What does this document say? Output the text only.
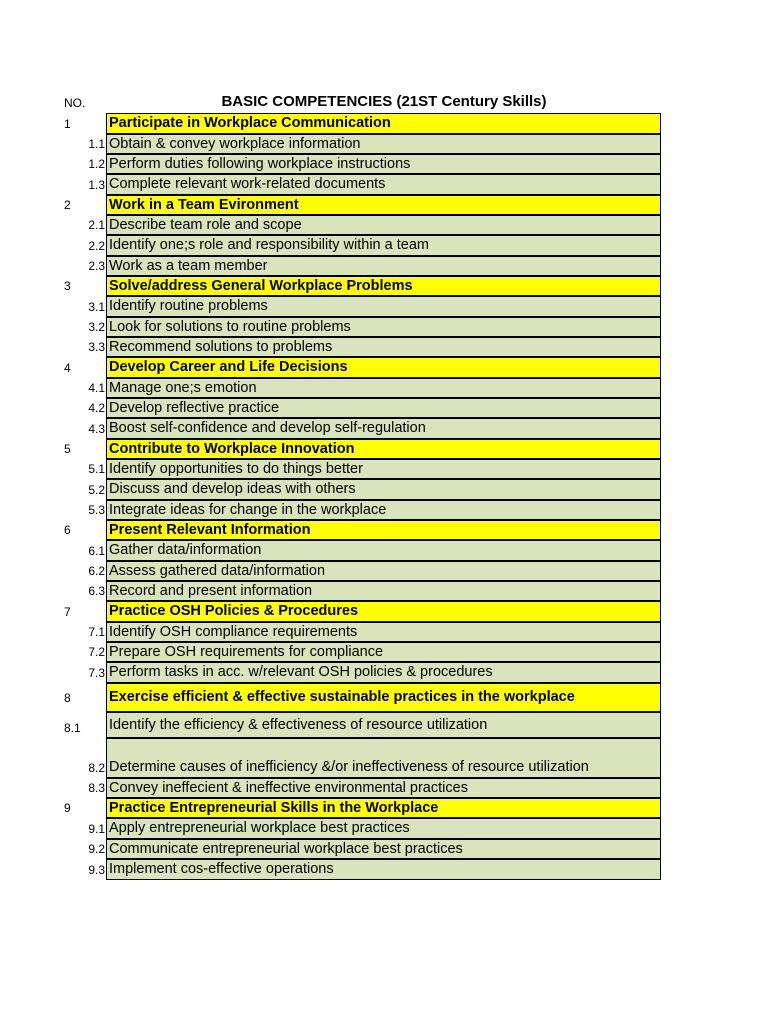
NO.	BASIC COMPETENCIES (21ST Century Skills)
1	Participate in Workplace Communication
1.1 Obtain & convey workplace information
1.2 Perform duties following workplace instructions
1.3 Complete relevant work-related documents
2	Work in a Team Evironment
2.1 Describe team role and scope
2.2 Identify one;s role and responsibility within a team
2.3 Work as a team member
3	Solve/address General Workplace Problems
3.1 Identify routine problems
3.2 Look for solutions to routine problems
3.3 Recommend solutions to problems
4	Develop Career and Life Decisions
4.1 Manage one;s emotion
4.2 Develop reflective practice
4.3 Boost self-confidence and develop self-regulation
5	Contribute to Workplace Innovation
5.1 Identify opportunities to do things better
5.2 Discuss and develop ideas with others
5.3 Integrate ideas for change in the workplace
6	Present Relevant Information
6.1 Gather data/information
6.2 Assess gathered data/information
6.3 Record and present information
7	Practice OSH Policies & Procedures
7.1 Identify OSH compliance requirements
7.2 Prepare OSH requirements for compliance
7.3 Perform tasks in acc. w/relevant OSH policies & procedures
8	Exercise efficient & effective sustainable practices in the workplace
8.1 Identify the efficiency & effectiveness of resource utilization
8.2 Determine causes of inefficiency &/or ineffectiveness of resource utilization
8.3 Convey ineffecient & ineffective environmental practices
9	Practice Entrepreneurial Skills in the Workplace
9.1 Apply entrepreneurial workplace best practices
9.2 Communicate entrepreneurial workplace best practices
9.3 Implement cos-effective operations
